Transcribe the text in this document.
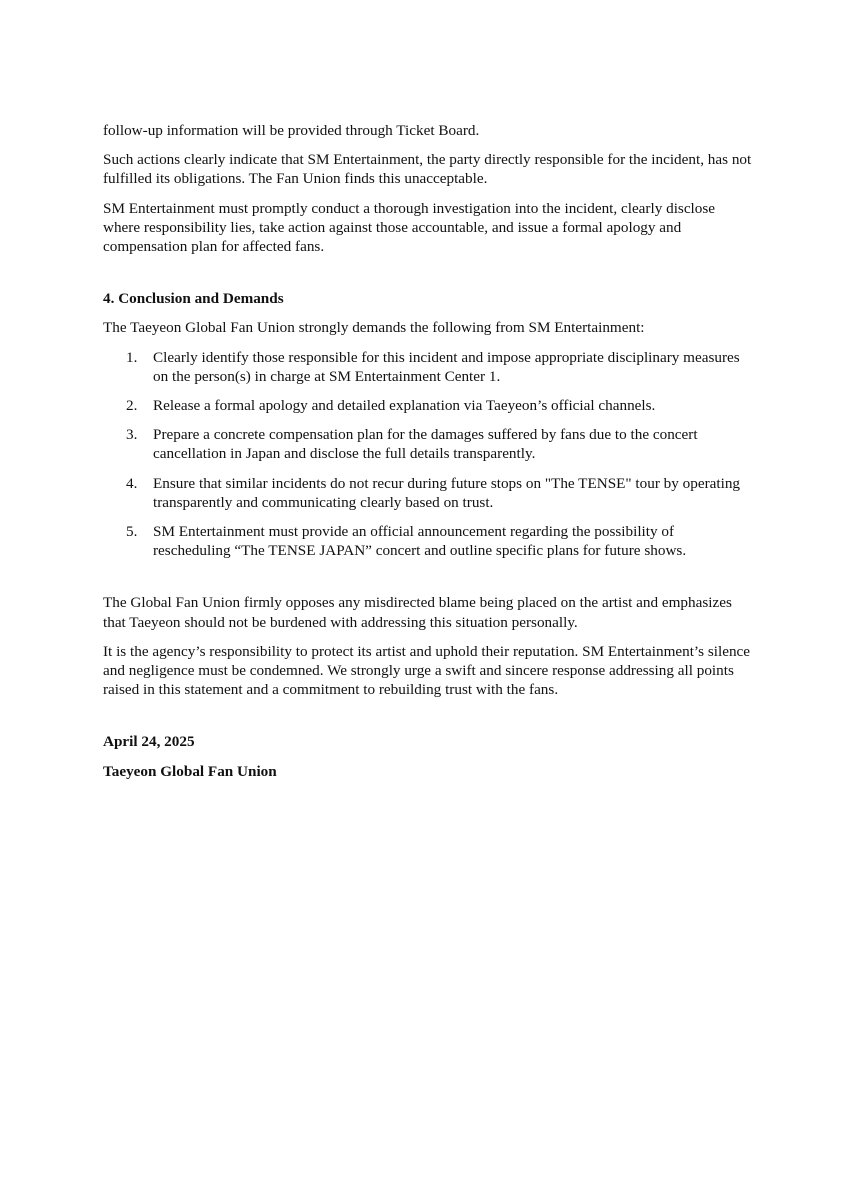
follow-up information will be provided through Ticket Board.

Such actions clearly indicate that SM Entertainment, the party directly responsible for the incident, has not fulfilled its obligations. The Fan Union finds this unacceptable.

SM Entertainment must promptly conduct a thorough investigation into the incident, clearly disclose where responsibility lies, take action against those accountable, and issue a formal apology and compensation plan for affected fans.

4. Conclusion and Demands

The Taeyeon Global Fan Union strongly demands the following from SM Entertainment:

1. Clearly identify those responsible for this incident and impose appropriate disciplinary measures on the person(s) in charge at SM Entertainment Center 1.
2. Release a formal apology and detailed explanation via Taeyeon’s official channels.
3. Prepare a concrete compensation plan for the damages suffered by fans due to the concert cancellation in Japan and disclose the full details transparently.
4. Ensure that similar incidents do not recur during future stops on "The TENSE" tour by operating transparently and communicating clearly based on trust.
5. SM Entertainment must provide an official announcement regarding the possibility of rescheduling “The TENSE JAPAN” concert and outline specific plans for future shows.

The Global Fan Union firmly opposes any misdirected blame being placed on the artist and emphasizes that Taeyeon should not be burdened with addressing this situation personally.

It is the agency’s responsibility to protect its artist and uphold their reputation. SM Entertainment’s silence and negligence must be condemned. We strongly urge a swift and sincere response addressing all points raised in this statement and a commitment to rebuilding trust with the fans.

April 24, 2025

Taeyeon Global Fan Union
